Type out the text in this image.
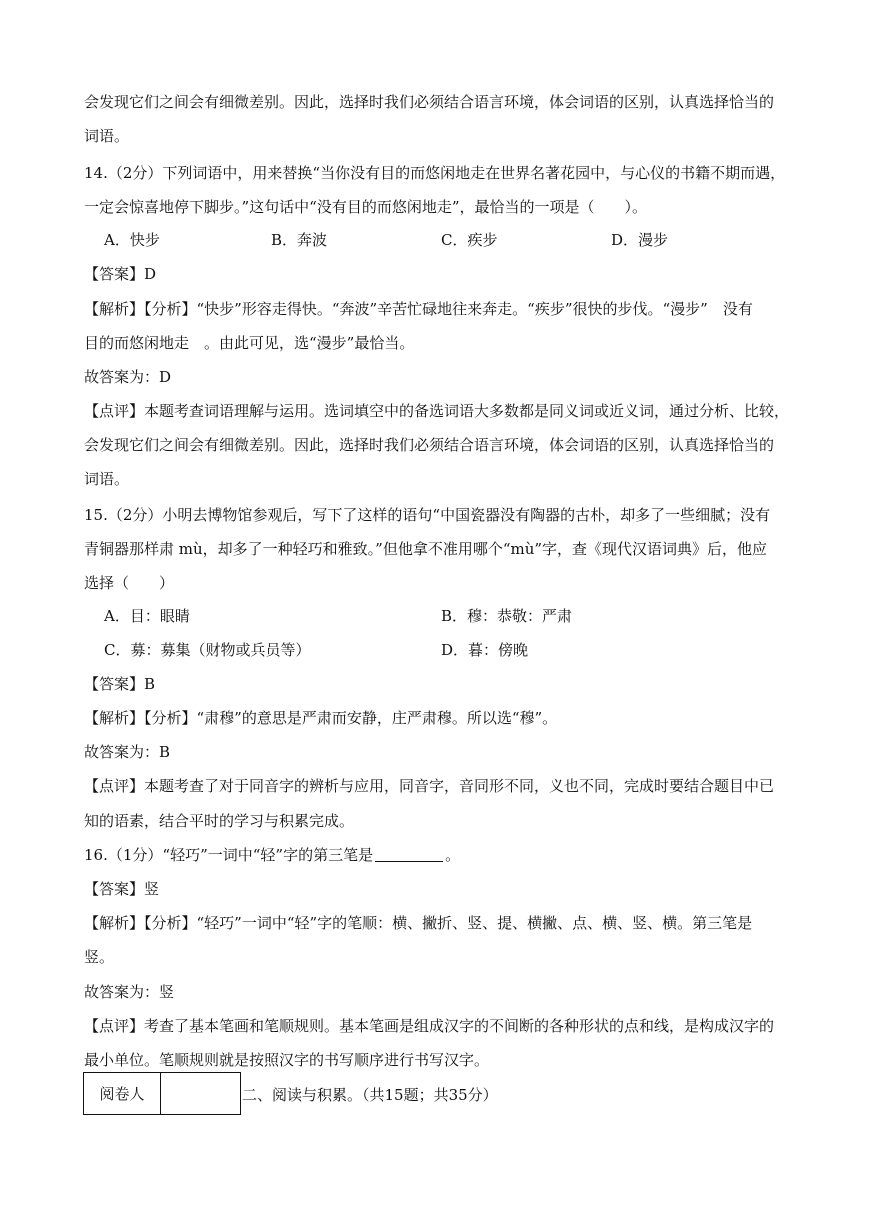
会发现它们之间会有细微差别。因此，选择时我们必须结合语言环境，体会词语的区别，认真选择恰当的
词语。
14.（2分）下列词语中，用来替换“当你没有目的而悠闲地走在世界名著花园中，与心仪的书籍不期而遇，
一定会惊喜地停下脚步。”这句话中“没有目的而悠闲地走”，最恰当的一项是（　　）。
A．快步	B．奔波	C．疾步	D．漫步
【答案】D
【解析】【分析】“快步”形容走得快。“奔波”辛苦忙碌地往来奔走。“疾步”很快的步伐。“漫步”　没有
目的而悠闲地走　。由此可见，选“漫步”最恰当。
故答案为：D
【点评】本题考查词语理解与运用。选词填空中的备选词语大多数都是同义词或近义词，通过分析、比较，
会发现它们之间会有细微差别。因此，选择时我们必须结合语言环境，体会词语的区别，认真选择恰当的
词语。
15.（2分）小明去博物馆参观后，写下了这样的语句“中国瓷器没有陶器的古朴，却多了一些细腻；没有
青铜器那样肃 mù，却多了一种轻巧和雅致。”但他拿不准用哪个“mù”字，查《现代汉语词典》后，他应
选择（　　）
A．目：眼睛	B．穆：恭敬：严肃
C．募：募集（财物或兵员等）	D．暮：傍晚
【答案】B
【解析】【分析】“肃穆”的意思是严肃而安静，庄严肃穆。所以选“穆”。
故答案为：B
【点评】本题考查了对于同音字的辨析与应用，同音字，音同形不同，义也不同，完成时要结合题目中已
知的语素，结合平时的学习与积累完成。
16.（1分）“轻巧”一词中“轻”字的第三笔是	。
【答案】竖
【解析】【分析】“轻巧”一词中“轻”字的笔顺：横、撇折、竖、提、横撇、点、横、竖、横。第三笔是
竖。
故答案为：竖
【点评】考查了基本笔画和笔顺规则。基本笔画是组成汉字的不间断的各种形状的点和线，是构成汉字的
最小单位。笔顺规则就是按照汉字的书写顺序进行书写汉字。
阅卷人	二、阅读与积累。（共15题；共35分）
